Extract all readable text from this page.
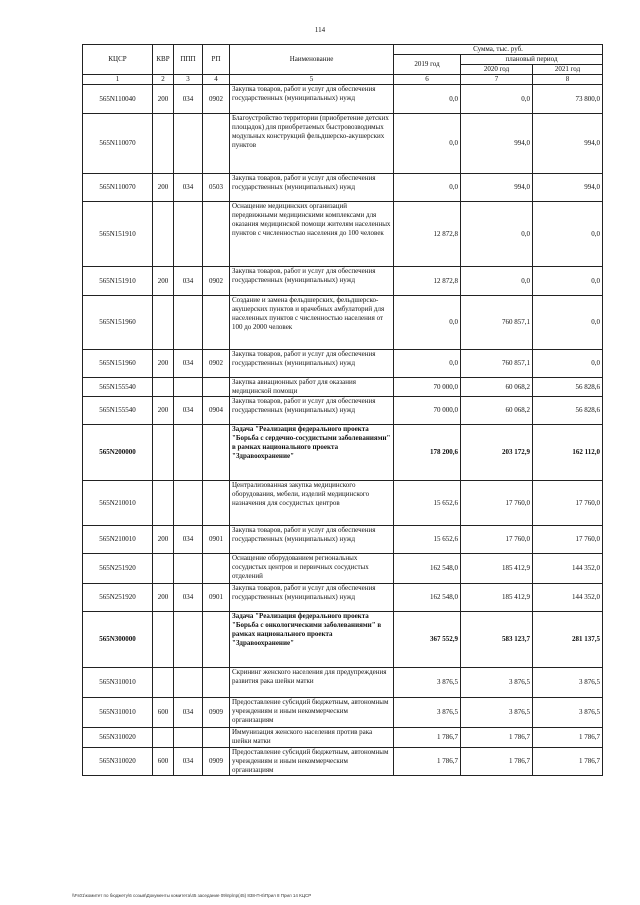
114
КЦСР	КВР	ППП	РП	Наименование	Сумма, тыс. руб.		
					2019 год	плановый период	
						2020 год	2021 год
1	2	3	4	5	6	7	8
565N110040	200	034	0902	Закупка товаров, работ и услуг для обеспечения государственных (муниципальных) нужд	0,0	0,0	73 800,0
565N110070				Благоустройство территории (приобретение детских площадок) для приобретаемых быстровозводимых модульных конструкций фельдшерско-акушерских пунктов	0,0	994,0	994,0
565N110070	200	034	0503	Закупка товаров, работ и услуг для обеспечения государственных (муниципальных) нужд	0,0	994,0	994,0
565N151910				Оснащение медицинских организаций передвижными медицинскими комплексами для оказания медицинской помощи жителям населенных пунктов с численностью населения до 100 человек	12 872,8	0,0	0,0
565N151910	200	034	0902	Закупка товаров, работ и услуг для обеспечения государственных (муниципальных) нужд	12 872,8	0,0	0,0
565N151960				Создание и замена фельдшерских, фельдшерско-акушерских пунктов и врачебных амбулаторий для населенных пунктов с численностью населения от 100 до 2000 человек	0,0	760 857,1	0,0
565N151960	200	034	0902	Закупка товаров, работ и услуг для обеспечения государственных (муниципальных) нужд	0,0	760 857,1	0,0
565N155540				Закупка авиационных работ для оказания медицинской помощи	70 000,0	60 068,2	56 828,6
565N155540	200	034	0904	Закупка товаров, работ и услуг для обеспечения государственных (муниципальных) нужд	70 000,0	60 068,2	56 828,6
565N200000				Задача "Реализация федерального проекта "Борьба с сердечно-сосудистыми заболеваниями" в рамках национального проекта "Здравоохранение"	178 200,6	203 172,9	162 112,0
565N210010				Централизованная закупка медицинского оборудования, мебели, изделий медицинского назначения для сосудистых центров	15 652,6	17 760,0	17 760,0
565N210010	200	034	0901	Закупка товаров, работ и услуг для обеспечения государственных (муниципальных) нужд	15 652,6	17 760,0	17 760,0
565N251920				Оснащение оборудованием региональных сосудистых центров и первичных сосудистых отделений	162 548,0	185 412,9	144 352,0
565N251920	200	034	0901	Закупка товаров, работ и услуг для обеспечения государственных (муниципальных) нужд	162 548,0	185 412,9	144 352,0
565N300000				Задача "Реализация федерального проекта "Борьба с онкологическими заболеваниями" в рамках национального проекта "Здравоохранение"	367 552,9	583 123,7	281 137,5
565N310010				Скрининг женского населения для предупреждения развития рака шейки матки	3 876,5	3 876,5	3 876,5
565N310010	600	034	0909	Предоставление субсидий бюджетным, автономным учреждениям и иным некоммерческим организациям	3 876,5	3 876,5	3 876,5
565N310020				Иммунизация женского населения против рака шейки матки	1 786,7	1 786,7	1 786,7
565N310020	600	034	0909	Предоставление субсидий бюджетным, автономным учреждениям и иным некоммерческим организациям	1 786,7	1 786,7	1 786,7
\\Fs01\комитет по бюджету\6 созыв\Документы комитета\45 заседание 09\пр\пр(45) 838-П-6\Прил 8 Прил 14 КЦСР
